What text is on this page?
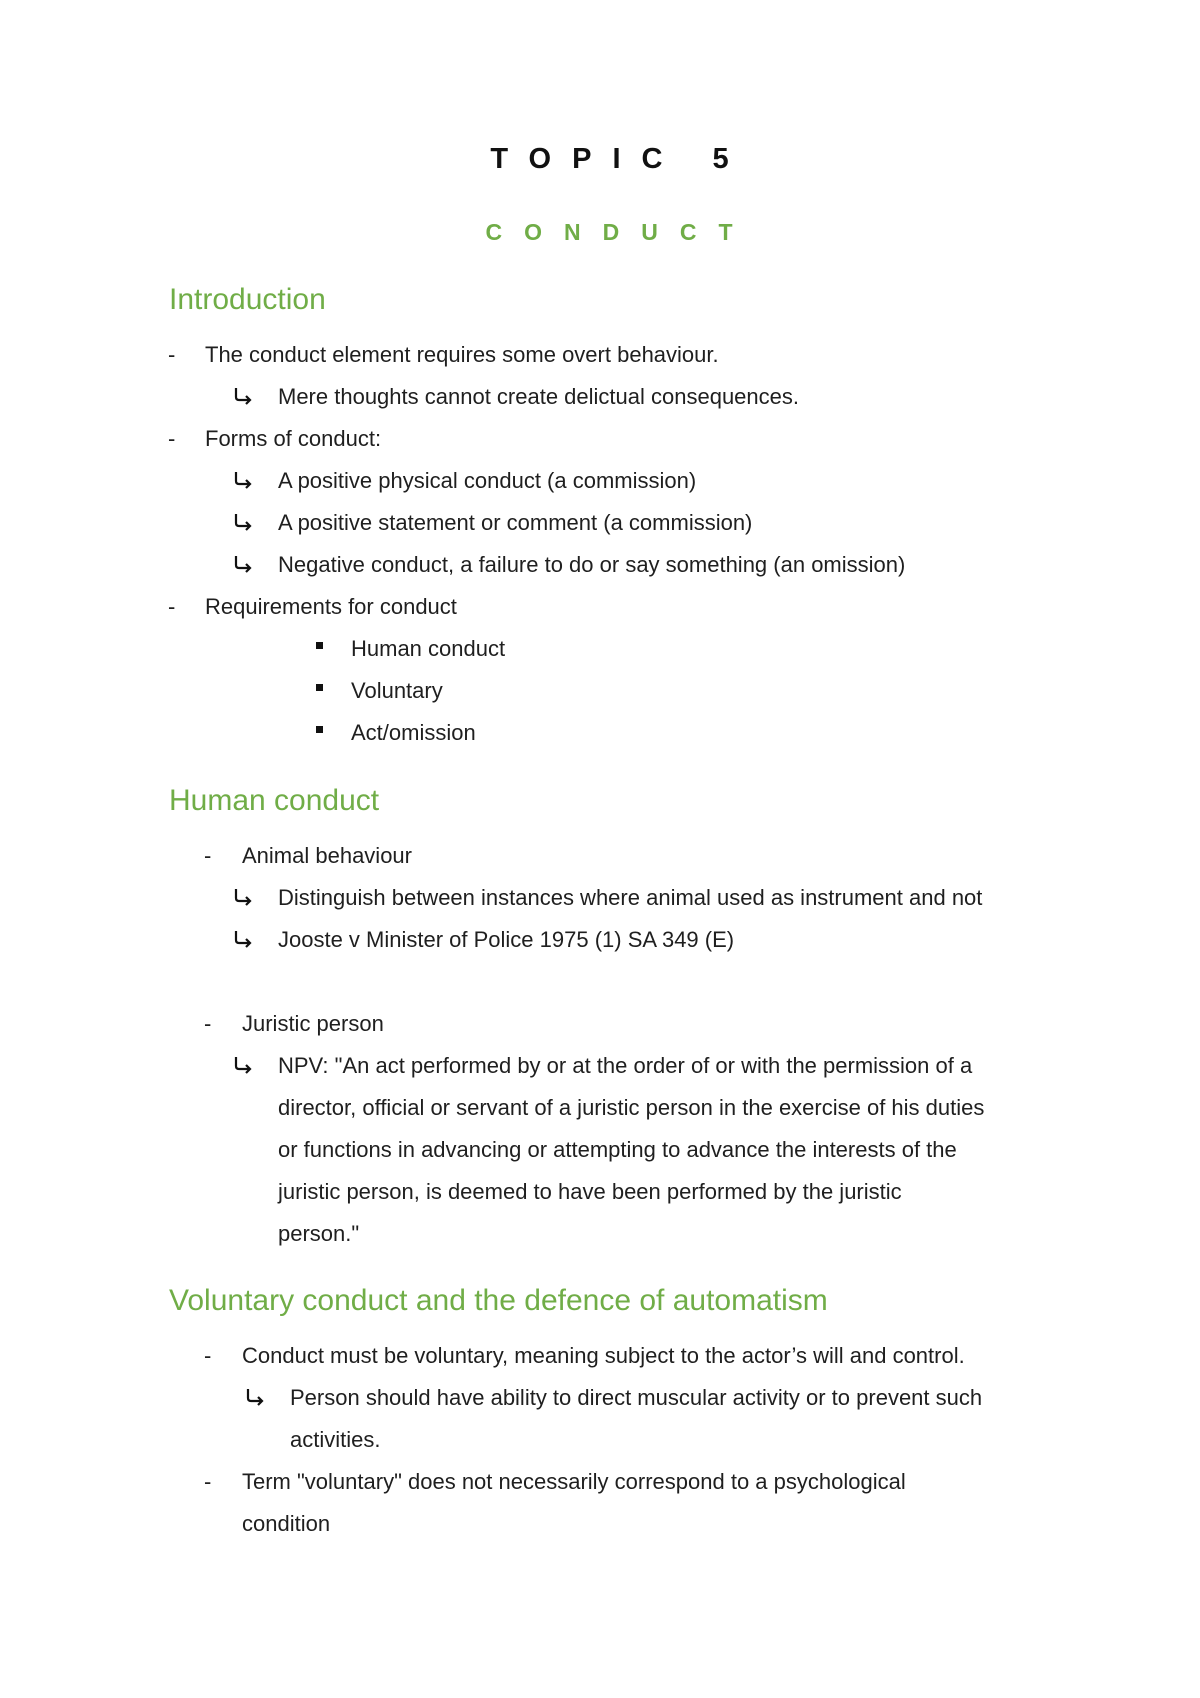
TOPIC 5
CONDUCT
Introduction
- The conduct element requires some overt behaviour.
Mere thoughts cannot create delictual consequences.
- Forms of conduct:
A positive physical conduct (a commission)
A positive statement or comment (a commission)
Negative conduct, a failure to do or say something (an omission)
- Requirements for conduct
Human conduct
Voluntary
Act/omission
Human conduct
- Animal behaviour
Distinguish between instances where animal used as instrument and not
Jooste v Minister of Police 1975 (1) SA 349 (E)
- Juristic person
NPV: "An act performed by or at the order of or with the permission of a
director, official or servant of a juristic person in the exercise of his duties
or functions in advancing or attempting to advance the interests of the
juristic person, is deemed to have been performed by the juristic
person."
Voluntary conduct and the defence of automatism
- Conduct must be voluntary, meaning subject to the actor’s will and control.
Person should have ability to direct muscular activity or to prevent such
activities.
- Term "voluntary" does not necessarily correspond to a psychological
condition
